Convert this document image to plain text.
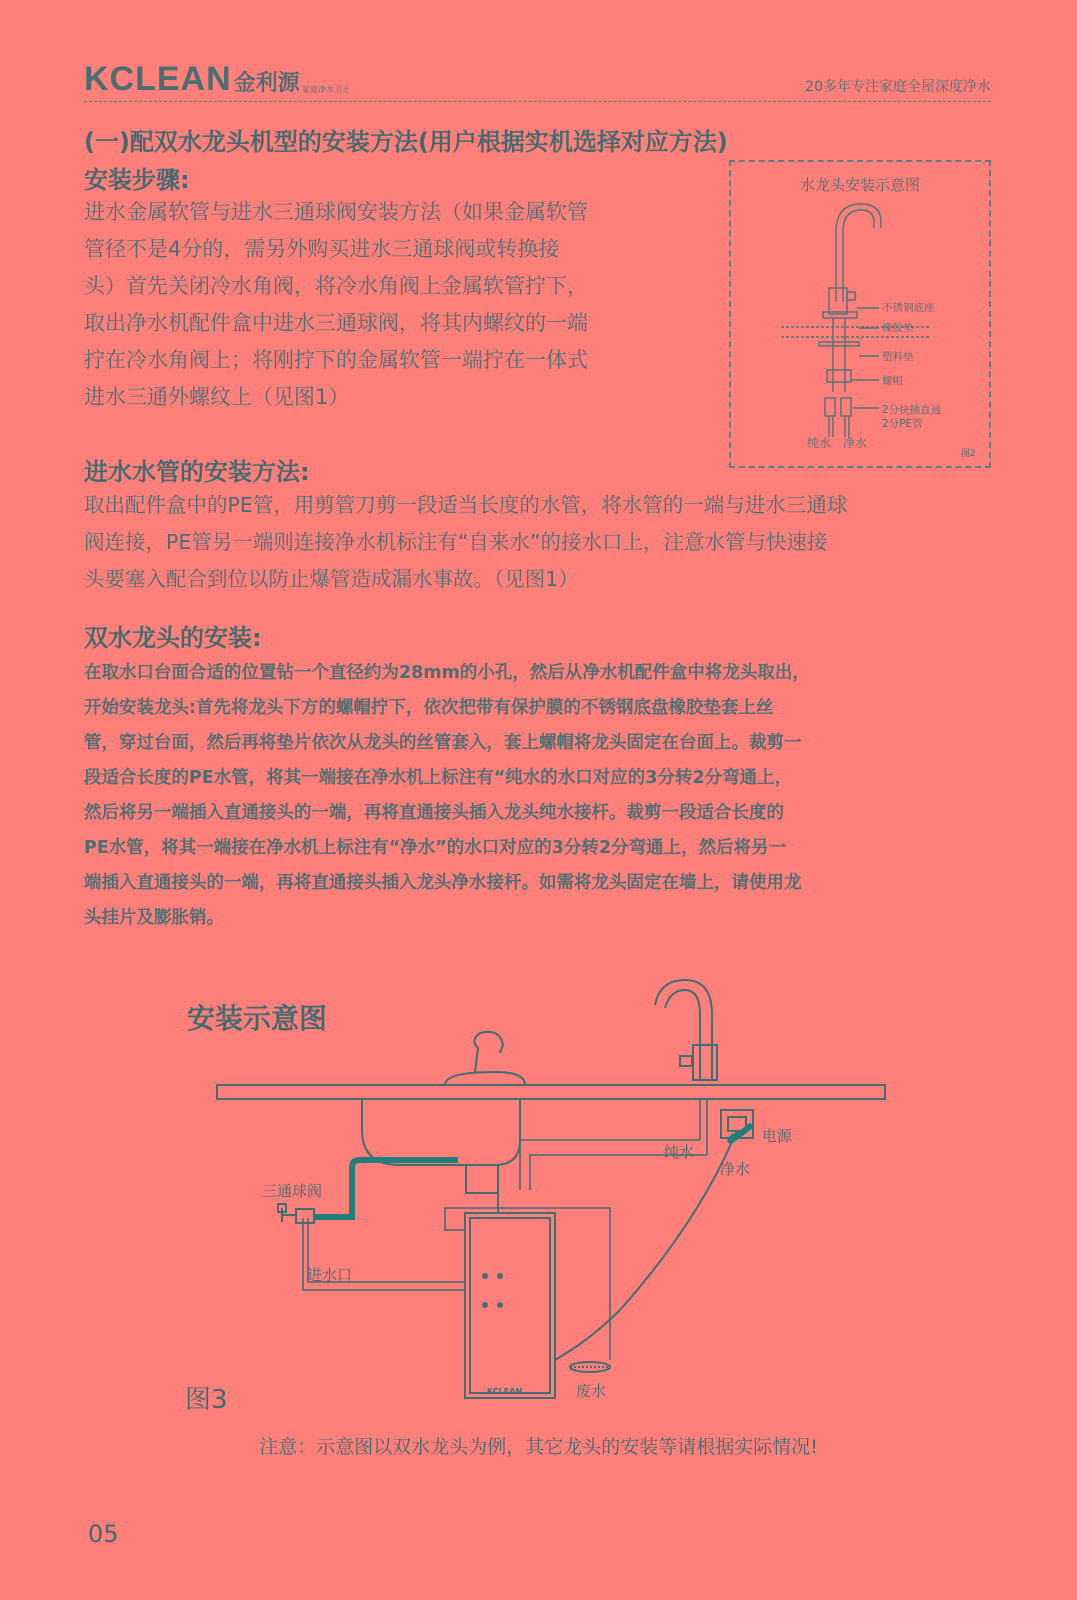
KCLEAN金利源 家庭净水卫士	20多年专注家庭全屋深度净水
(一)配双水龙头机型的安装方法(用户根据实机选择对应方法)
安装步骤:

进水金属软管与进水三通球阀安装方法（如果金属软管

管径不是4分的，需另外购买进水三通球阀或转换接

头）首先关闭冷水角阀，将冷水角阀上金属软管拧下，

取出净水机配件盒中进水三通球阀，将其内螺纹的一端

拧在冷水角阀上；将刚拧下的金属软管一端拧在一体式

进水三通外螺纹上（见图1）

水龙头安装示意图
不锈钢底座
橡胶垫
塑料垫
螺帽
2分快插直通
2分PE管
纯水 净水
图2
进水水管的安装方法:

取出配件盒中的PE管，用剪管刀剪一段适当长度的水管，将水管的一端与进水三通球

阀连接，PE管另一端则连接净水机标注有“自来水”的接水口上，注意水管与快速接

头要塞入配合到位以防止爆管造成漏水事故。（见图1）

双水龙头的安装:

在取水口台面合适的位置钻一个直径约为28mm的小孔，然后从净水机配件盒中将龙头取出，

开始安装龙头:首先将龙头下方的螺帽拧下，依次把带有保护膜的不锈钢底盘橡胶垫套上丝

管，穿过台面，然后再将垫片依次从龙头的丝管套入，套上螺帽将龙头固定在台面上。裁剪一

段适合长度的PE水管，将其一端接在净水机上标注有“纯水的水口对应的3分转2分弯通上，

然后将另一端插入直通接头的一端，再将直通接头插入龙头纯水接杆。裁剪一段适合长度的

PE水管，将其一端接在净水机上标注有“净水”的水口对应的3分转2分弯通上，然后将另一

端插入直通接头的一端，再将直通接头插入龙头净水接杆。如需将龙头固定在墙上，请使用龙

头挂片及膨胀销。

安装示意图
三通球阀
进水口
纯水
净水
电源
废水
KCLEAN
图3
注意：示意图以双水龙头为例，其它龙头的安装等请根据实际情况!
05
